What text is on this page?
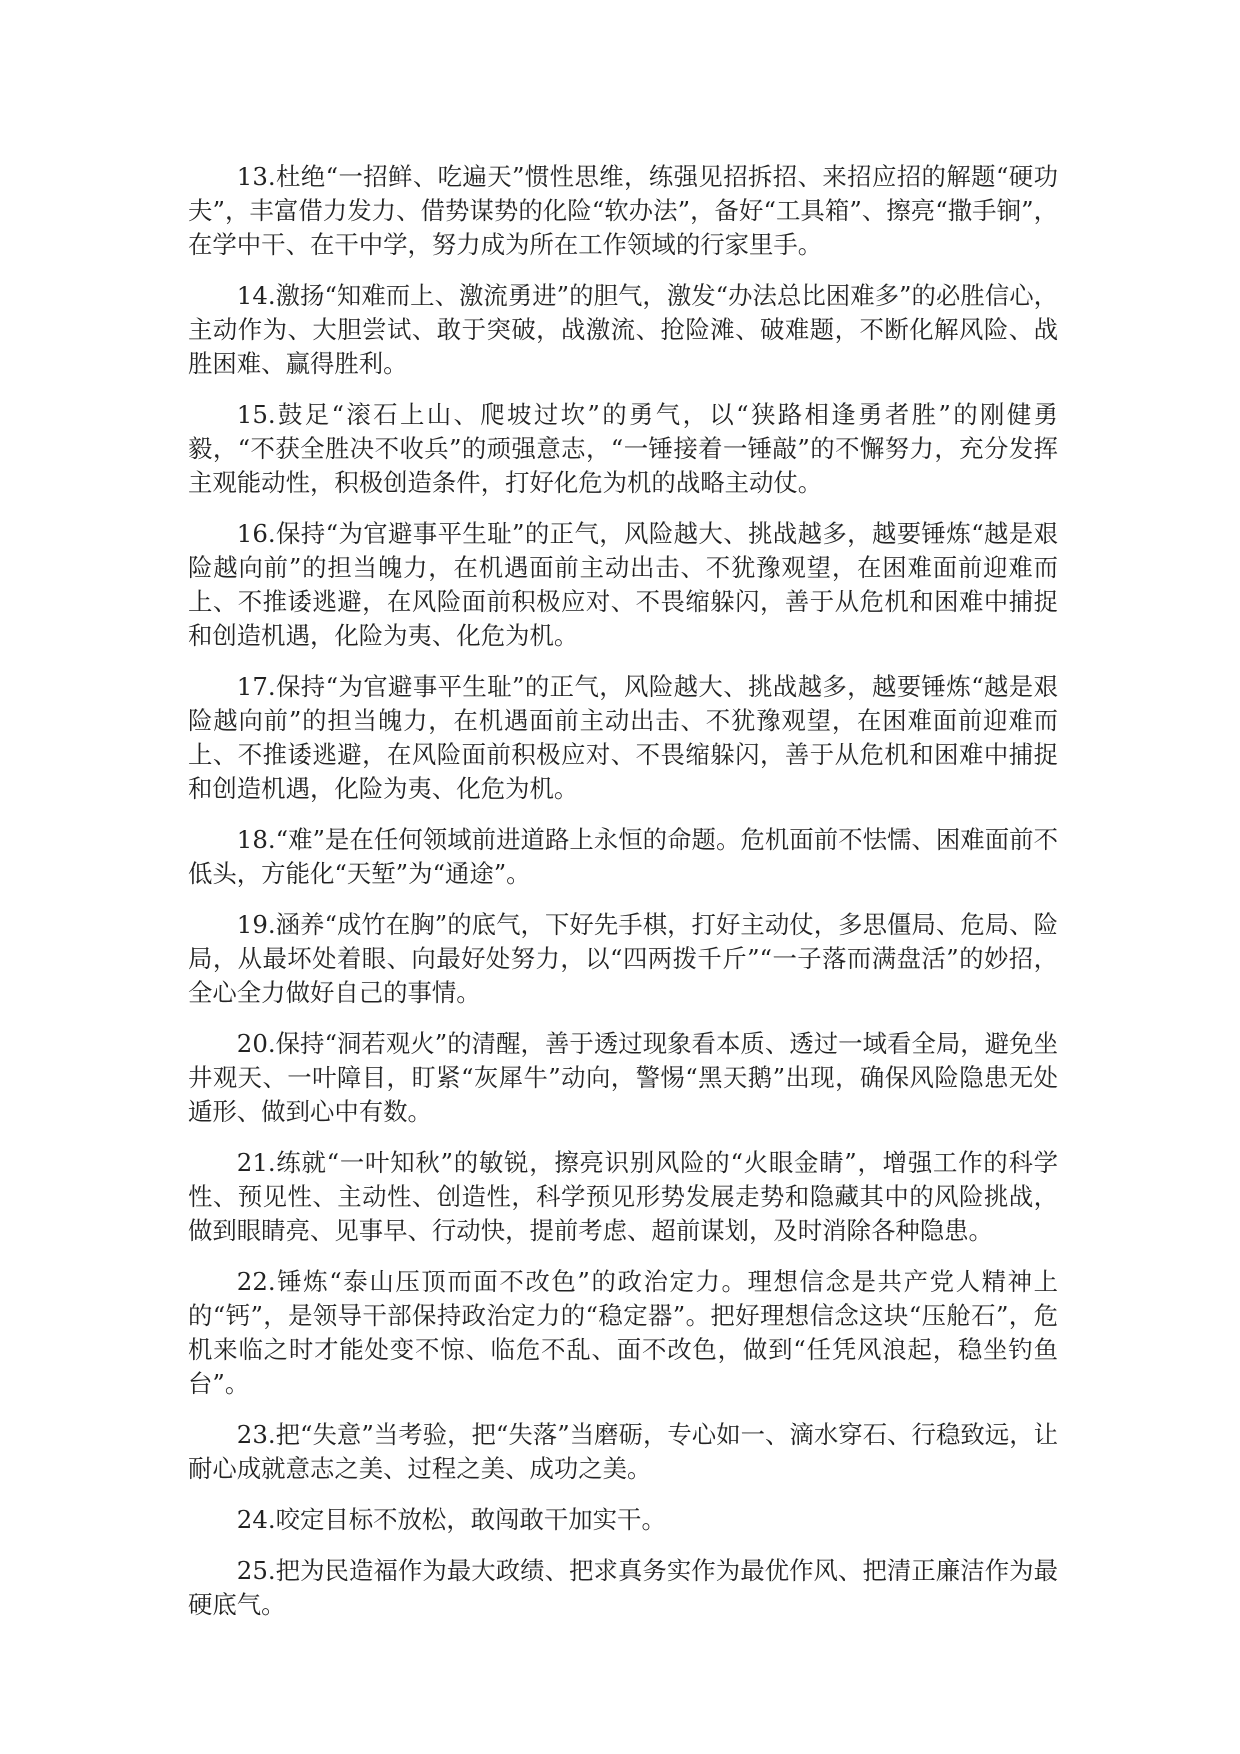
13.杜绝“一招鲜、吃遍天”惯性思维，练强见招拆招、来招应招的解题“硬功夫”，丰富借力发力、借势谋势的化险“软办法”，备好“工具箱”、擦亮“撒手锏”，在学中干、在干中学，努力成为所在工作领域的行家里手。

14.激扬“知难而上、激流勇进”的胆气，激发“办法总比困难多”的必胜信心，主动作为、大胆尝试、敢于突破，战激流、抢险滩、破难题，不断化解风险、战胜困难、赢得胜利。

15.鼓足“滚石上山、爬坡过坎”的勇气，以“狭路相逢勇者胜”的刚健勇毅，“不获全胜决不收兵”的顽强意志，“一锤接着一锤敲”的不懈努力，充分发挥主观能动性，积极创造条件，打好化危为机的战略主动仗。

16.保持“为官避事平生耻”的正气，风险越大、挑战越多，越要锤炼“越是艰险越向前”的担当魄力，在机遇面前主动出击、不犹豫观望，在困难面前迎难而上、不推诿逃避，在风险面前积极应对、不畏缩躲闪，善于从危机和困难中捕捉和创造机遇，化险为夷、化危为机。

17.保持“为官避事平生耻”的正气，风险越大、挑战越多，越要锤炼“越是艰险越向前”的担当魄力，在机遇面前主动出击、不犹豫观望，在困难面前迎难而上、不推诿逃避，在风险面前积极应对、不畏缩躲闪，善于从危机和困难中捕捉和创造机遇，化险为夷、化危为机。

18.“难”是在任何领域前进道路上永恒的命题。危机面前不怯懦、困难面前不低头，方能化“天堑”为“通途”。

19.涵养“成竹在胸”的底气，下好先手棋，打好主动仗，多思僵局、危局、险局，从最坏处着眼、向最好处努力，以“四两拨千斤”“一子落而满盘活”的妙招，全心全力做好自己的事情。

20.保持“洞若观火”的清醒，善于透过现象看本质、透过一域看全局，避免坐井观天、一叶障目，盯紧“灰犀牛”动向，警惕“黑天鹅”出现，确保风险隐患无处遁形、做到心中有数。

21.练就“一叶知秋”的敏锐，擦亮识别风险的“火眼金睛”，增强工作的科学性、预见性、主动性、创造性，科学预见形势发展走势和隐藏其中的风险挑战，做到眼睛亮、见事早、行动快，提前考虑、超前谋划，及时消除各种隐患。

22.锤炼“泰山压顶而面不改色”的政治定力。理想信念是共产党人精神上的“钙”，是领导干部保持政治定力的“稳定器”。把好理想信念这块“压舱石”，危机来临之时才能处变不惊、临危不乱、面不改色，做到“任凭风浪起，稳坐钓鱼台”。

23.把“失意”当考验，把“失落”当磨砺，专心如一、滴水穿石、行稳致远，让耐心成就意志之美、过程之美、成功之美。

24.咬定目标不放松，敢闯敢干加实干。

25.把为民造福作为最大政绩、把求真务实作为最优作风、把清正廉洁作为最硬底气。
